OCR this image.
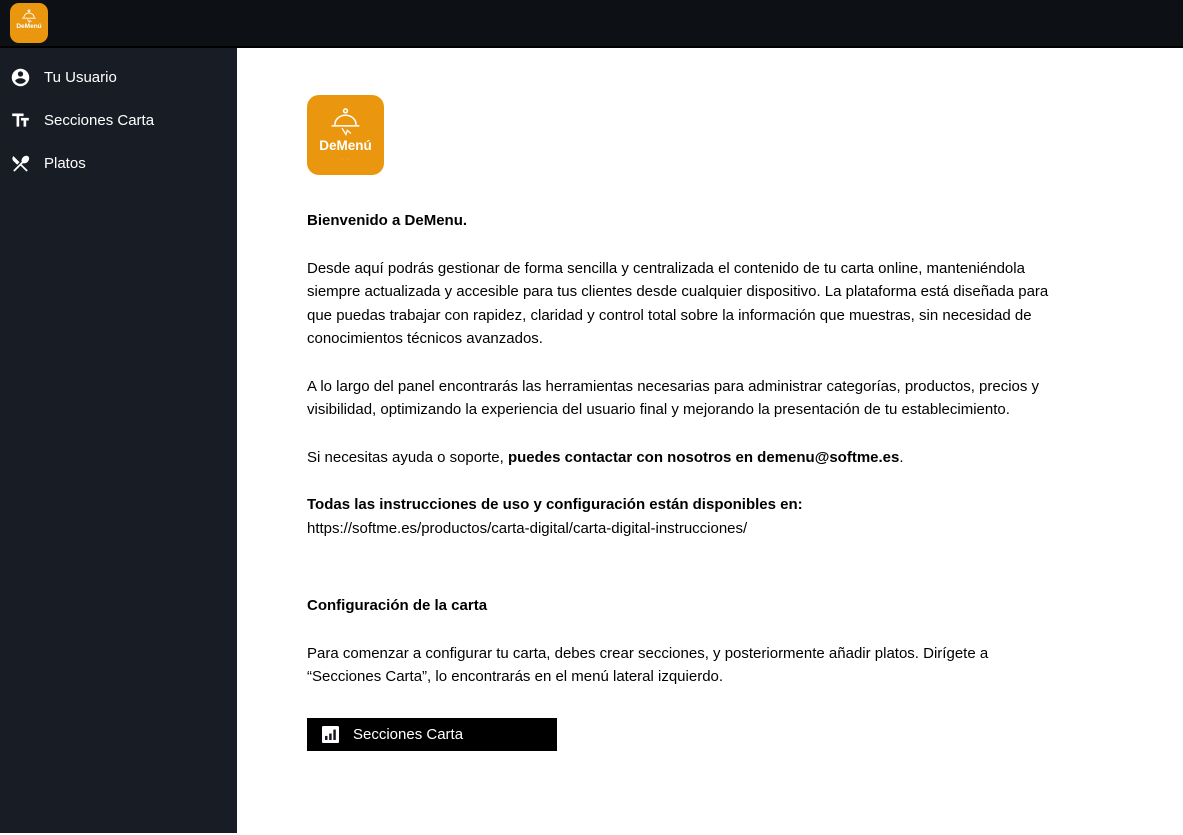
DeMenú
· ·
Tu Usuario
Secciones Carta
Platos
DeMenú
· ·
Bienvenido a DeMenu.

Desde aquí podrás gestionar de forma sencilla y centralizada el contenido de tu carta online, manteniéndola siempre actualizada y accesible para tus clientes desde cualquier dispositivo. La plataforma está diseñada para que puedas trabajar con rapidez, claridad y control total sobre la información que muestras, sin necesidad de conocimientos técnicos avanzados.

A lo largo del panel encontrarás las herramientas necesarias para administrar categorías, productos, precios y visibilidad, optimizando la experiencia del usuario final y mejorando la presentación de tu establecimiento.

Si necesitas ayuda o soporte, puedes contactar con nosotros en demenu@softme.es.

Todas las instrucciones de uso y configuración están disponibles en:
https://softme.es/productos/carta-digital/carta-digital-instrucciones/

Configuración de la carta

Para comenzar a configurar tu carta, debes crear secciones, y posteriormente añadir platos. Dirígete a “Secciones Carta”, lo encontrarás en el menú lateral izquierdo.

Secciones Carta
